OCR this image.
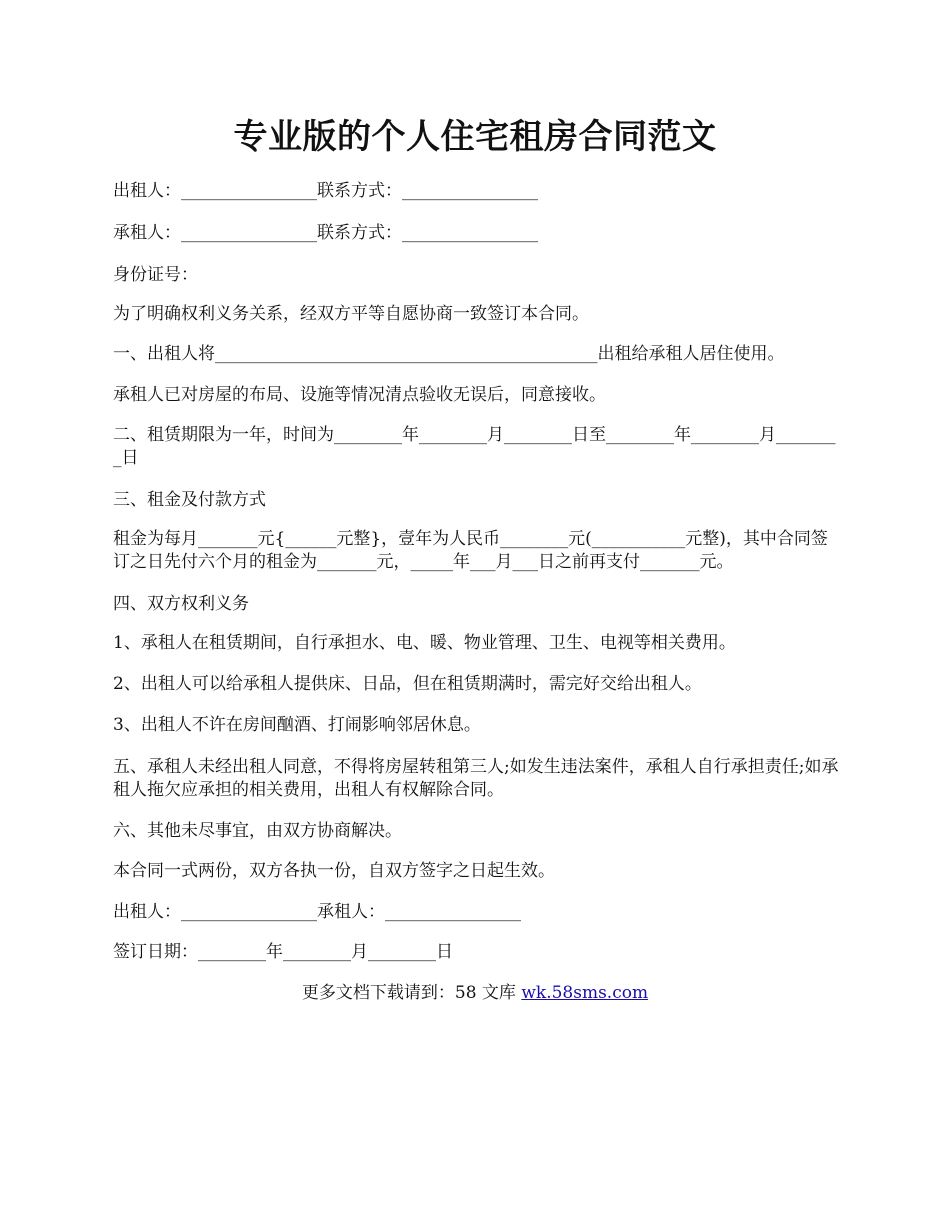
专业版的个人住宅租房合同范文
出租人：________________联系方式：________________
承租人：________________联系方式：________________
身份证号：
为了明确权利义务关系，经双方平等自愿协商一致签订本合同。
一、出租人将_____________________________________________出租给承租人居住使用。
承租人已对房屋的布局、设施等情况清点验收无误后，同意接收。
二、租赁期限为一年，时间为________年________月________日至________年________月________日
三、租金及付款方式
租金为每月_______元{______元整}，壹年为人民币________元(___________元整)，其中合同签订之日先付六个月的租金为_______元，_____年___月___日之前再支付_______元。
四、双方权利义务
1、承租人在租赁期间，自行承担水、电、暖、物业管理、卫生、电视等相关费用。
2、出租人可以给承租人提供床、日品，但在租赁期满时，需完好交给出租人。
3、出租人不许在房间酗酒、打闹影响邻居休息。
五、承租人未经出租人同意，不得将房屋转租第三人;如发生违法案件，承租人自行承担责任;如承租人拖欠应承担的相关费用，出租人有权解除合同。
六、其他未尽事宜，由双方协商解决。
本合同一式两份，双方各执一份，自双方签字之日起生效。
出租人：________________承租人：________________
签订日期：________年________月________日
更多文档下载请到：58 文库 wk.58sms.com
